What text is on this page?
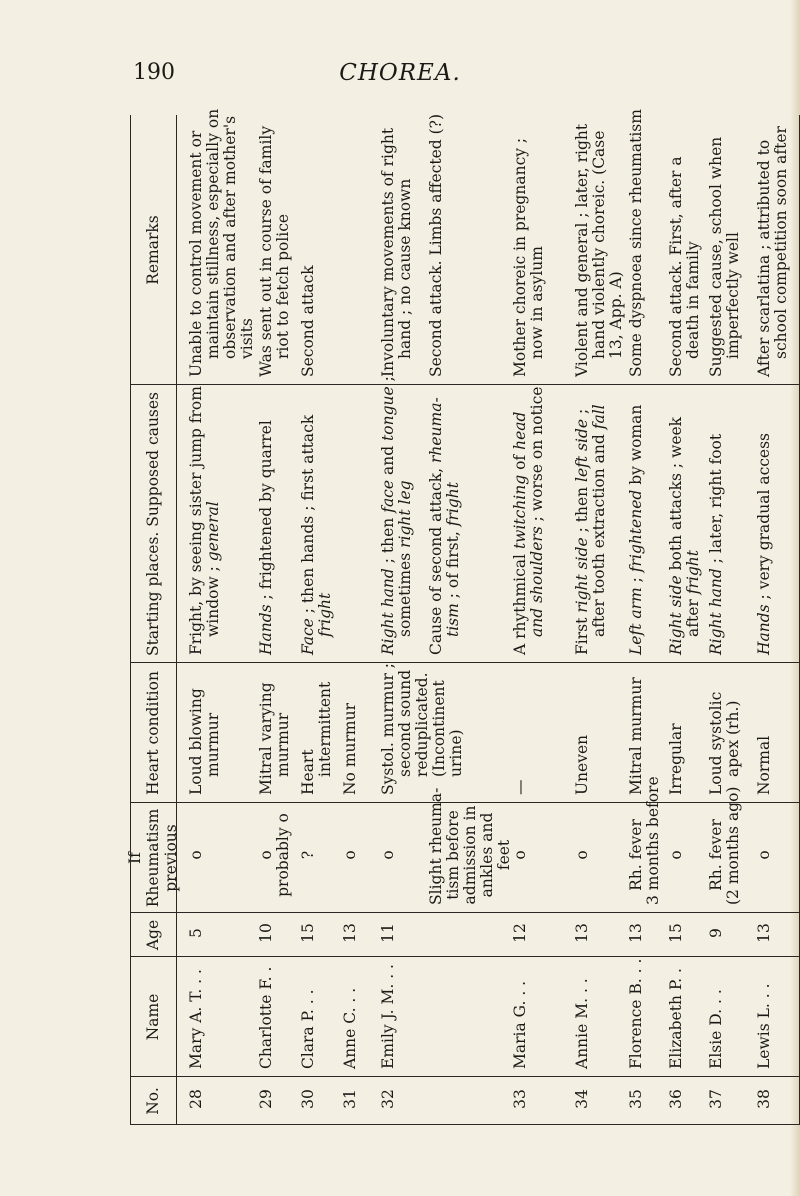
190	CHOREA.
No.
Name
Age
If Rheumatism previous
Heart condition
Starting places. Supposed causes
Remarks
28
Mary A. T. . .
5
o
Loud blowing murmur
Fright, by seeing sister jump from window ; general
Unable to control movement or maintain stillness, especially on observation and after mother's visits
29
Charlotte F. .
10
o probably o
Mitral varying murmur
Hands ; frightened by quarrel
Was sent out in course of family riot to fetch police
30
Clara P. . .
15
?
Heart intermittent
Face ; then hands ; first attack fright
Second attack
31
Anne C. . .
13
o
No murmur
32
Emily J. M. . .
11
o
Systol. murmur ; second sound reduplicated. (Incontinent urine)
Right hand ; then face and tongue ;
sometimes right leg
Involuntary movements of right hand ; no cause known
Slight rheuma- tism before admission in ankles and feet
Cause of second attack, rheuma-
tism ; of first, fright
Second attack. Limbs affected (?)
33
Maria G. . .
12
o
—
A rhythmical twitching of head
and shoulders ; worse on notice
Mother choreic in pregnancy ; now in asylum
34
Annie M. . .
13
o
Uneven
First right side ; then left side ;
after tooth extraction and fall
Violent and general ; later, right hand violently choreic. (Case 13, App. A)
35
Florence B. . .
13
Rh. fever 3 months before
Mitral murmur
Left arm ; frightened by woman
Some dyspnoea since rheumatism
36
Elizabeth P. .
15
o
Irregular
Right side both attacks ; week
after fright
Second attack. First, after a death in family
37
Elsie D. . .
9
Rh. fever (2 months ago)
Loud systolic apex (rh.)
Right hand ; later, right foot
Suggested cause, school when imperfectly well
38
Lewis L. . .
13
o
Normal
Hands ; very gradual access
After scarlatina ; attributed to school competition soon after
